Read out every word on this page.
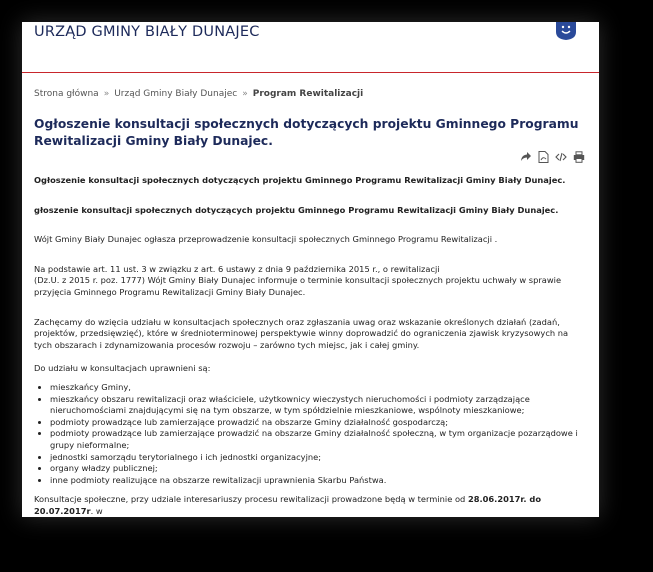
URZĄD GMINY BIAŁY DUNAJEC
Strona główna » Urząd Gminy Biały Dunajec » Program Rewitalizacji
Ogłoszenie konsultacji społecznych dotyczących projektu Gminnego Programu Rewitalizacji Gminy Biały Dunajec.

Ogłoszenie konsultacji społecznych dotyczących projektu Gminnego Programu Rewitalizacji Gminy Biały Dunajec.

głoszenie konsultacji społecznych dotyczących projektu Gminnego Programu Rewitalizacji Gminy Biały Dunajec.

Wójt Gminy Biały Dunajec ogłasza przeprowadzenie konsultacji społecznych Gminnego Programu Rewitalizacji .

Na podstawie art. 11 ust. 3 w związku z art. 6 ustawy z dnia 9 października 2015 r., o rewitalizacji
(Dz.U. z 2015 r. poz. 1777) Wójt Gminy Biały Dunajec informuje o terminie konsultacji społecznych projektu uchwały w sprawie przyjęcia Gminnego Programu Rewitalizacji Gminy Biały Dunajec.

Zachęcamy do wzięcia udziału w konsultacjach społecznych oraz zgłaszania uwag oraz wskazanie określonych działań (zadań, projektów, przedsięwzięć), które w średnioterminowej perspektywie winny doprowadzić do ograniczenia zjawisk kryzysowych na tych obszarach i zdynamizowania procesów rozwoju – zarówno tych miejsc, jak i całej gminy.

Do udziału w konsultacjach uprawnieni są:

• mieszkańcy Gminy,
• mieszkańcy obszaru rewitalizacji oraz właściciele, użytkownicy wieczystych nieruchomości i podmioty zarządzające nieruchomościami znajdującymi się na tym obszarze, w tym spółdzielnie mieszkaniowe, wspólnoty mieszkaniowe;
• podmioty prowadzące lub zamierzające prowadzić na obszarze Gminy działalność gospodarczą;
• podmioty prowadzące lub zamierzające prowadzić na obszarze Gminy działalność społeczną, w tym organizacje pozarządowe i grupy nieformalne;
• jednostki samorządu terytorialnego i ich jednostki organizacyjne;
• organy władzy publicznej;
• inne podmioty realizujące na obszarze rewitalizacji uprawnienia Skarbu Państwa.

Konsultacje społeczne, przy udziale interesariuszy procesu rewitalizacji prowadzone będą w terminie od 28.06.2017r. do 20.07.2017r. w
